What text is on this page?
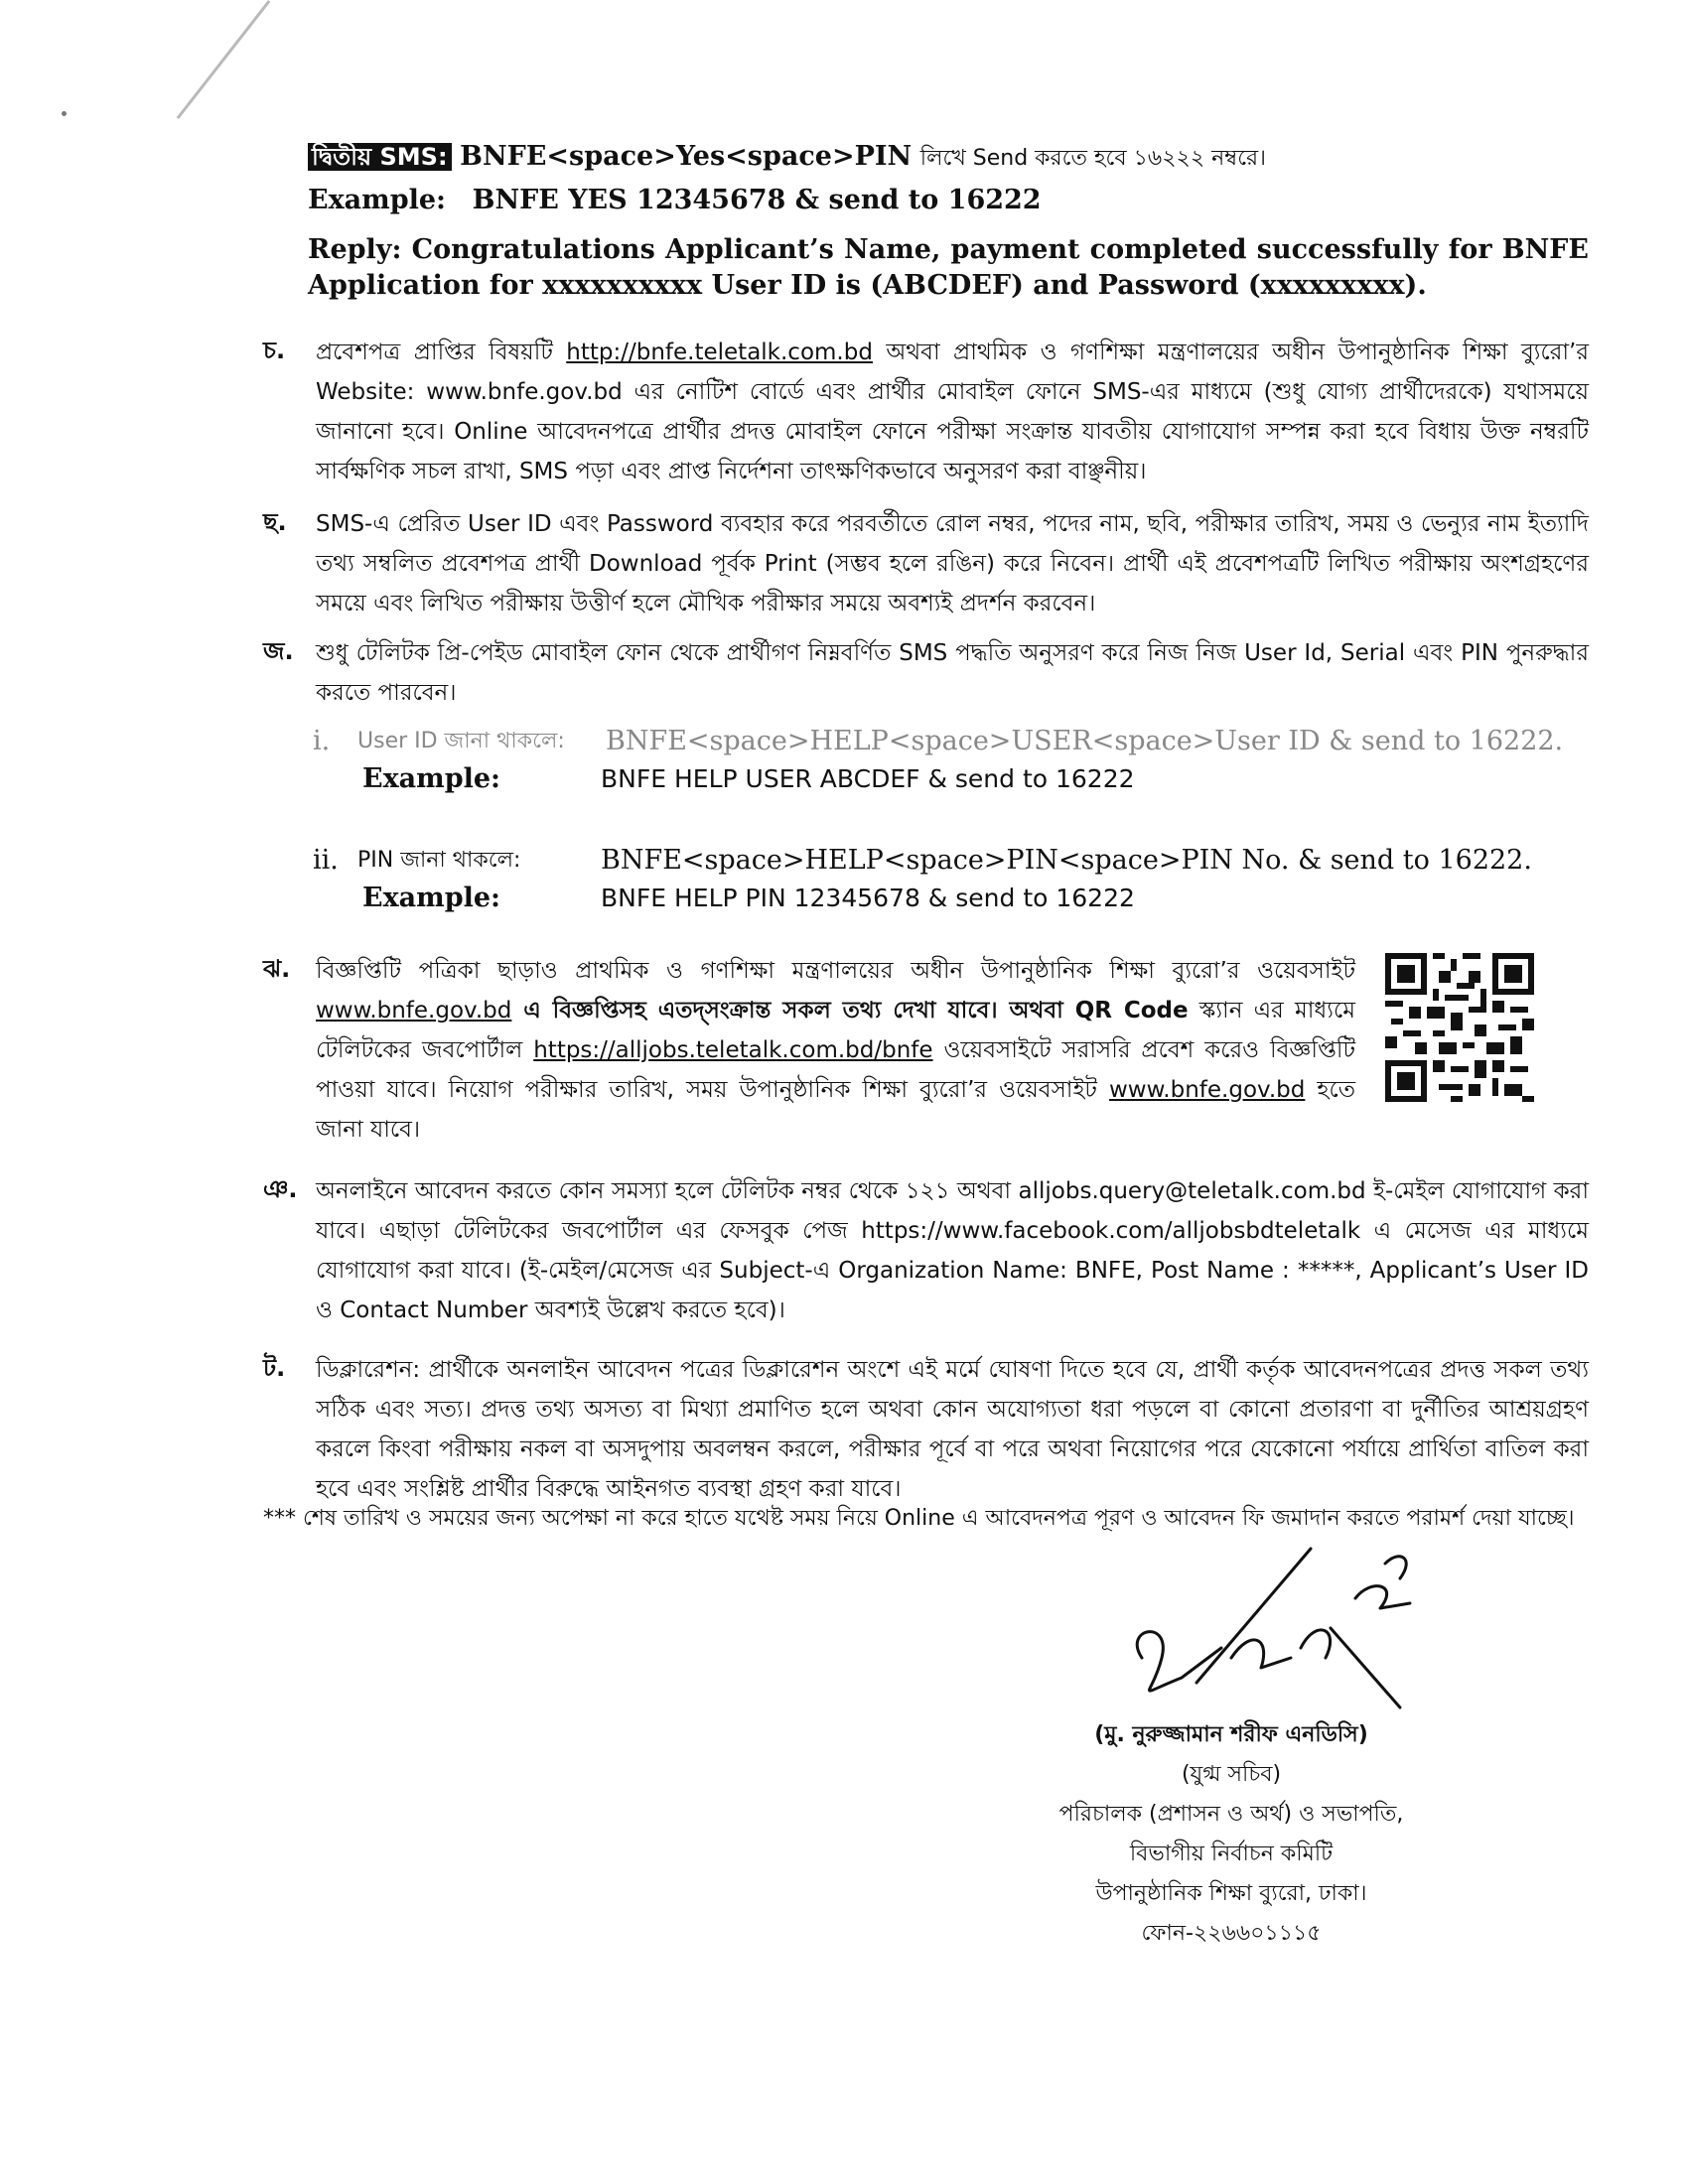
দ্বিতীয় SMS: BNFE<space>Yes<space>PIN লিখে Send করতে হবে ১৬২২২ নম্বরে।
Example: BNFE YES 12345678 & send to 16222
Reply: Congratulations Applicant’s Name, payment completed successfully for BNFE Application for xxxxxxxxxx User ID is (ABCDEF) and Password (xxxxxxxxx).
চ.	প্রবেশপত্র প্রাপ্তির বিষয়টি http://bnfe.teletalk.com.bd অথবা প্রাথমিক ও গণশিক্ষা মন্ত্রণালয়ের অধীন উপানুষ্ঠানিক শিক্ষা ব্যুরো’র Website: www.bnfe.gov.bd এর নোটিশ বোর্ডে এবং প্রার্থীর মোবাইল ফোনে SMS-এর মাধ্যমে (শুধু যোগ্য প্রার্থীদেরকে) যথাসময়ে জানানো হবে। Online আবেদনপত্রে প্রার্থীর প্রদত্ত মোবাইল ফোনে পরীক্ষা সংক্রান্ত যাবতীয় যোগাযোগ সম্পন্ন করা হবে বিধায় উক্ত নম্বরটি সার্বক্ষণিক সচল রাখা, SMS পড়া এবং প্রাপ্ত নির্দেশনা তাৎক্ষণিকভাবে অনুসরণ করা বাঞ্ছনীয়।
ছ.	SMS-এ প্রেরিত User ID এবং Password ব্যবহার করে পরবর্তীতে রোল নম্বর, পদের নাম, ছবি, পরীক্ষার তারিখ, সময় ও ভেন্যুর নাম ইত্যাদি তথ্য সম্বলিত প্রবেশপত্র প্রার্থী Download পূর্বক Print (সম্ভব হলে রঙিন) করে নিবেন। প্রার্থী এই প্রবেশপত্রটি লিখিত পরীক্ষায় অংশগ্রহণের সময়ে এবং লিখিত পরীক্ষায় উত্তীর্ণ হলে মৌখিক পরীক্ষার সময়ে অবশ্যই প্রদর্শন করবেন।
জ. শুধু টেলিটক প্রি-পেইড মোবাইল ফোন থেকে প্রার্থীগণ নিম্নবর্ণিত SMS পদ্ধতি অনুসরণ করে নিজ নিজ User Id, Serial এবং PIN পুনরুদ্ধার করতে পারবেন।
i. User ID জানা থাকলে: BNFE<space>HELP<space>USER<space>User ID & send to 16222.
Example:	BNFE HELP USER ABCDEF & send to 16222
ii. PIN জানা থাকলে:	BNFE<space>HELP<space>PIN<space>PIN No. & send to 16222.
Example:	BNFE HELP PIN 12345678 & send to 16222
ঝ.	বিজ্ঞপ্তিটি পত্রিকা ছাড়াও প্রাথমিক ও গণশিক্ষা মন্ত্রণালয়ের অধীন উপানুষ্ঠানিক শিক্ষা ব্যুরো’র ওয়েবসাইট www.bnfe.gov.bd এ বিজ্ঞপ্তিসহ এতদ্‌সংক্রান্ত সকল তথ্য দেখা যাবে। অথবা QR Code স্ক্যান এর মাধ্যমে টেলিটকের জবপোর্টাল https://alljobs.teletalk.com.bd/bnfe ওয়েবসাইটে সরাসরি প্রবেশ করেও বিজ্ঞপ্তিটি পাওয়া যাবে। নিয়োগ পরীক্ষার তারিখ, সময় উপানুষ্ঠানিক শিক্ষা ব্যুরো’র ওয়েবসাইট www.bnfe.gov.bd হতে জানা যাবে।
ঞ. অনলাইনে আবেদন করতে কোন সমস্যা হলে টেলিটক নম্বর থেকে ১২১ অথবা alljobs.query@teletalk.com.bd ই-মেইল যোগাযোগ করা যাবে। এছাড়া টেলিটকের জবপোর্টাল এর ফেসবুক পেজ https://www.facebook.com/alljobsbdteletalk এ মেসেজ এর মাধ্যমে যোগাযোগ করা যাবে। (ই-মেইল/মেসেজ এর Subject-এ Organization Name: BNFE, Post Name : *****, Applicant’s User ID ও Contact Number অবশ্যই উল্লেখ করতে হবে)।
ট.	ডিক্লারেশন: প্রার্থীকে অনলাইন আবেদন পত্রের ডিক্লারেশন অংশে এই মর্মে ঘোষণা দিতে হবে যে, প্রার্থী কর্তৃক আবেদনপত্রের প্রদত্ত সকল তথ্য সঠিক এবং সত্য। প্রদত্ত তথ্য অসত্য বা মিথ্যা প্রমাণিত হলে অথবা কোন অযোগ্যতা ধরা পড়লে বা কোনো প্রতারণা বা দুর্নীতির আশ্রয়গ্রহণ করলে কিংবা পরীক্ষায় নকল বা অসদুপায় অবলম্বন করলে, পরীক্ষার পূর্বে বা পরে অথবা নিয়োগের পরে যেকোনো পর্যায়ে প্রার্থিতা বাতিল করা হবে এবং সংশ্লিষ্ট প্রার্থীর বিরুদ্ধে আইনগত ব্যবস্থা গ্রহণ করা যাবে।
*** শেষ তারিখ ও সময়ের জন্য অপেক্ষা না করে হাতে যথেষ্ট সময় নিয়ে Online এ আবেদনপত্র পূরণ ও আবেদন ফি জমাদান করতে পরামর্শ দেয়া যাচ্ছে।
(মু. নুরুজ্জামান শরীফ এনডিসি)
(যুগ্ম সচিব)
পরিচালক (প্রশাসন ও অর্থ) ও সভাপতি,
বিভাগীয় নির্বাচন কমিটি
উপানুষ্ঠানিক শিক্ষা ব্যুরো, ঢাকা।
ফোন-২২৬৬০১১১৫
